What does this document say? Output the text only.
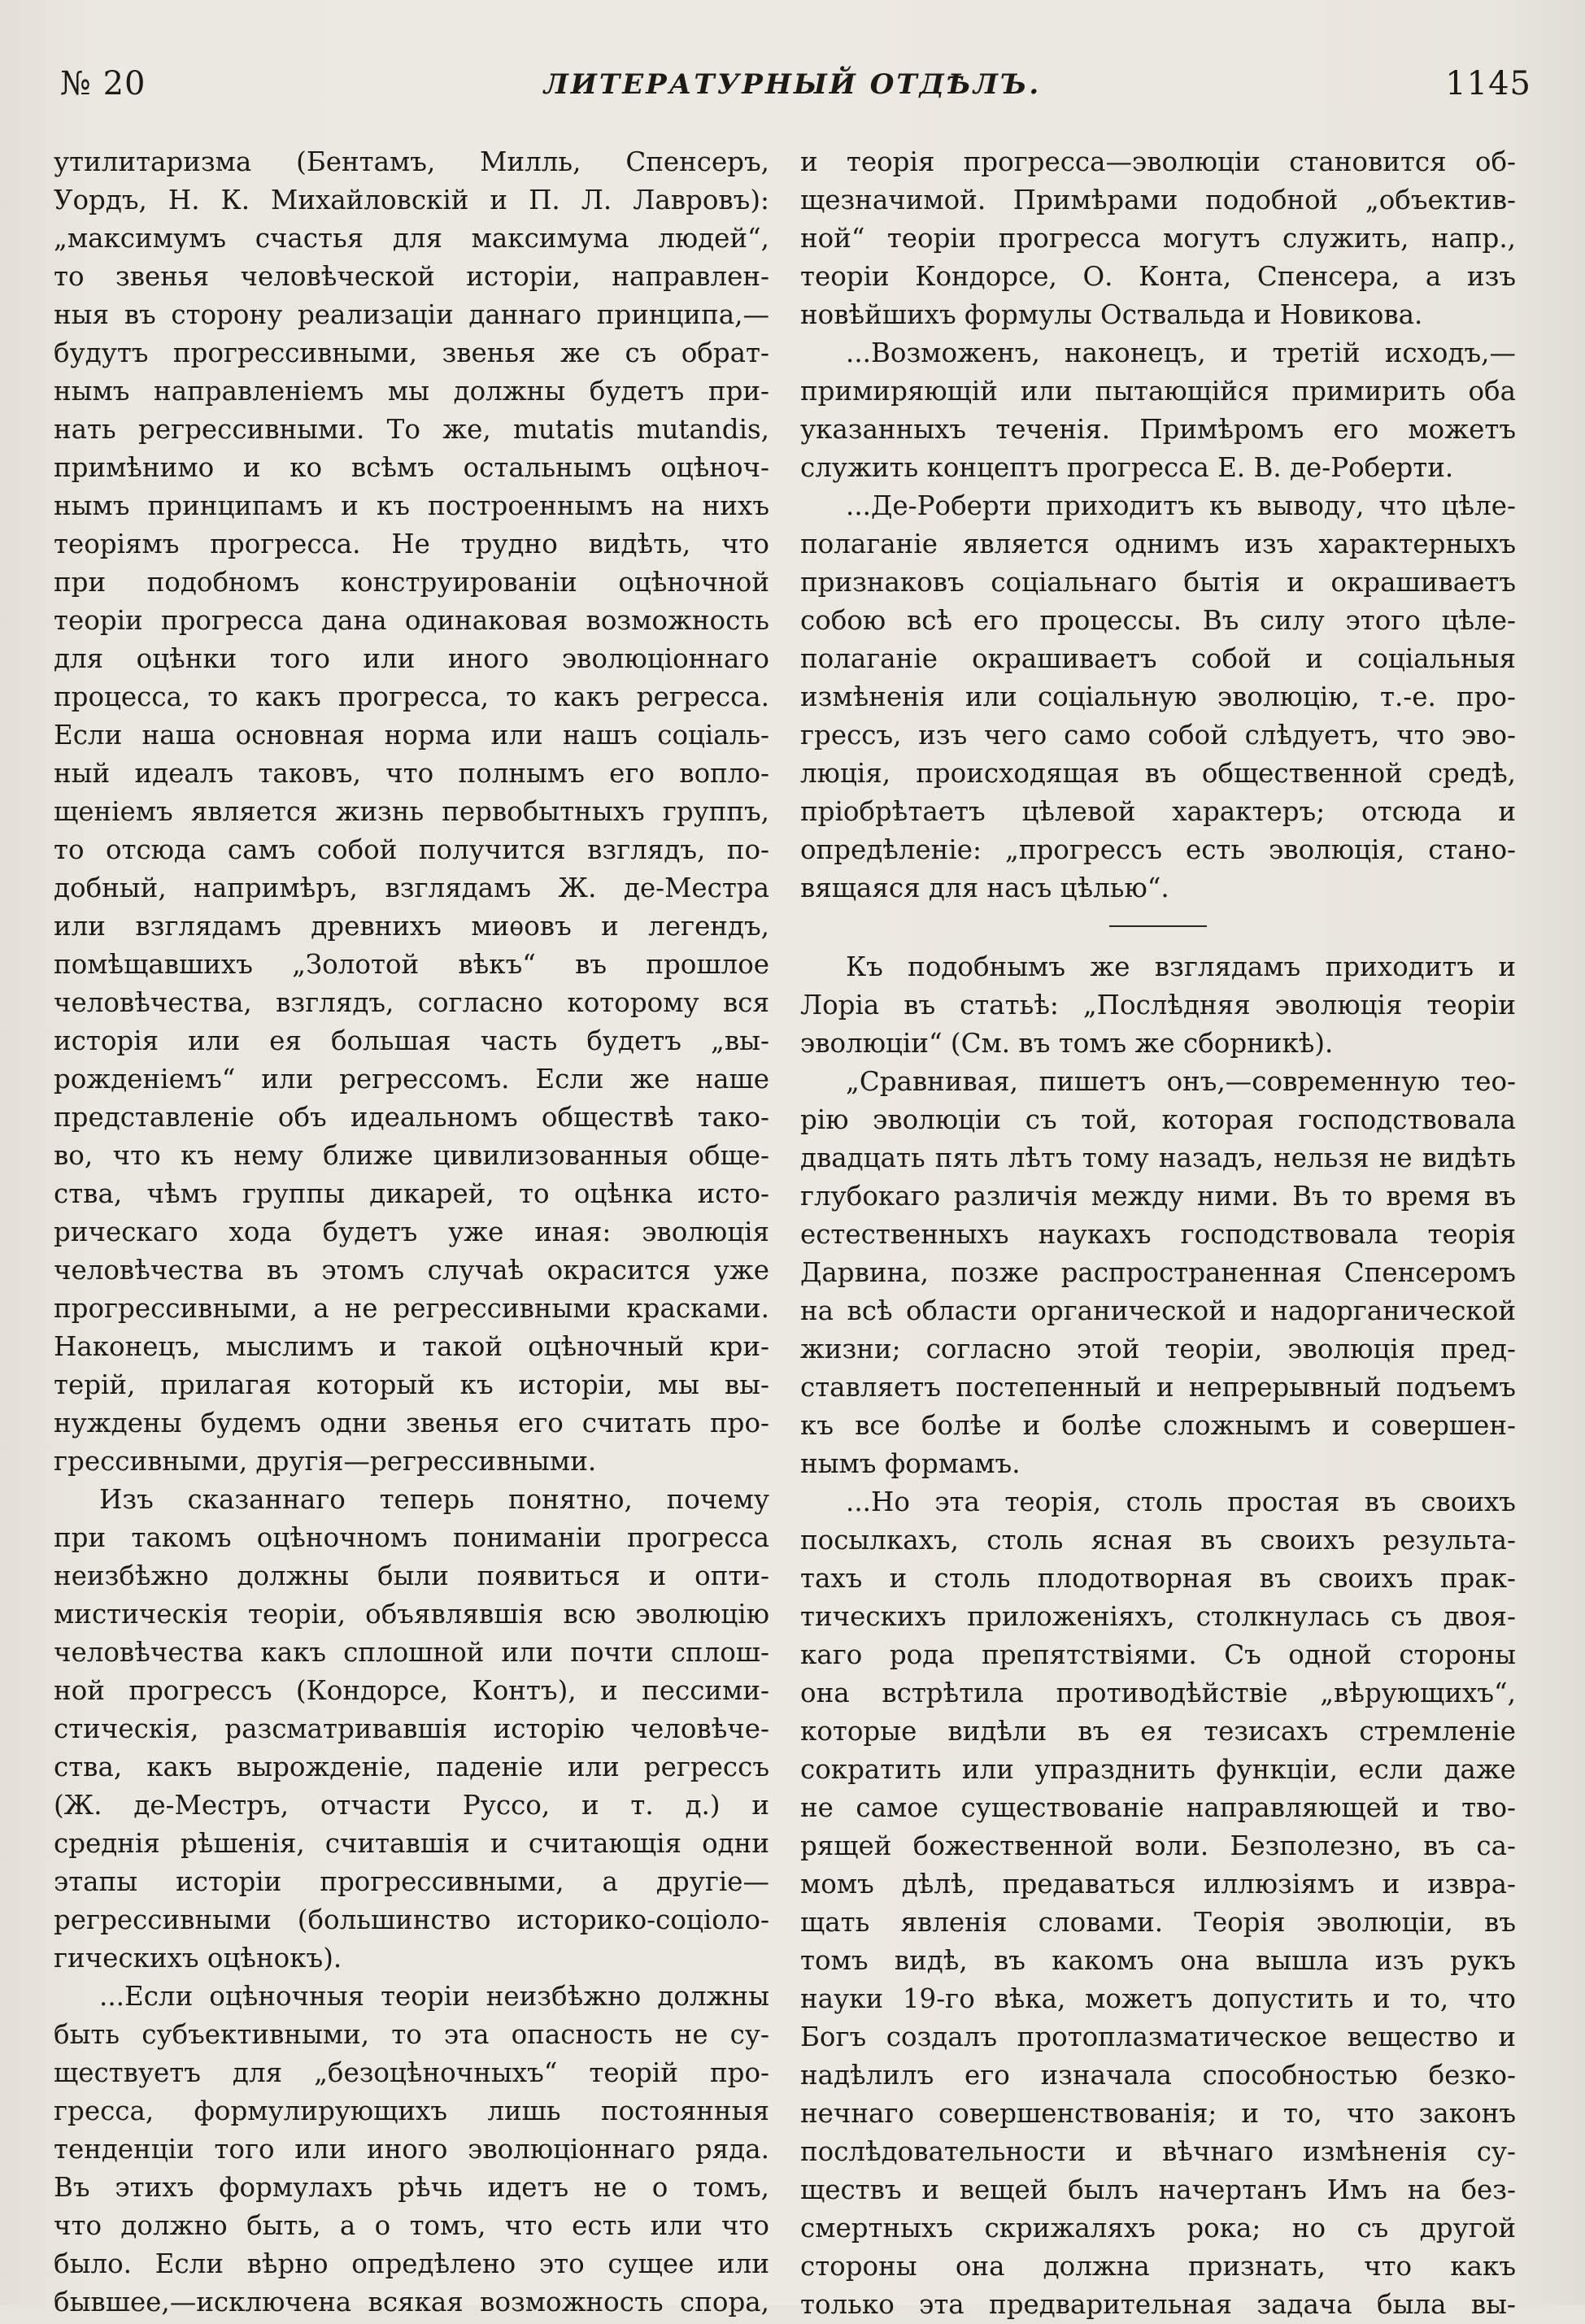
№ 20	ЛИТЕРАТУРНЫЙ ОТДѢЛЪ.	1145
утилитаризма (Бентамъ, Милль, Спенсеръ,
Уордъ, Н. К. Михайловскій и П. Л. Лавровъ):
„максимумъ счастья для максимума людей“,
то звенья человѣческой исторіи, направлен-
ныя въ сторону реализаціи даннаго принципа,—
будутъ прогрессивными, звенья же съ обрат-
нымъ направленіемъ мы должны будетъ при-
нать регрессивными. То же, mutatis mutandis,
примѣнимо и ко всѣмъ остальнымъ оцѣноч-
нымъ принципамъ и къ построеннымъ на нихъ
теоріямъ прогресса. Не трудно видѣть, что
при подобномъ конструированіи оцѣночной
теоріи прогресса дана одинаковая возможность
для оцѣнки того или иного эволюціоннаго
процесса, то какъ прогресса, то какъ регресса.
Если наша основная норма или нашъ соціаль-
ный идеалъ таковъ, что полнымъ его вопло-
щеніемъ является жизнь первобытныхъ группъ,
то отсюда самъ собой получится взглядъ, по-
добный, напримѣръ, взглядамъ Ж. де-Местра
или взглядамъ древнихъ миѳовъ и легендъ,
помѣщавшихъ „Золотой вѣкъ“ въ прошлое
человѣчества, взглядъ, согласно которому вся
исторія или ея большая часть будетъ „вы-
рожденіемъ“ или регрессомъ. Если же наше
представленіе объ идеальномъ обществѣ тако-
во, что къ нему ближе цивилизованныя обще-
ства, чѣмъ группы дикарей, то оцѣнка исто-
рическаго хода будетъ уже иная: эволюція
человѣчества въ этомъ случаѣ окрасится уже
прогрессивными, а не регрессивными красками.
Наконецъ, мыслимъ и такой оцѣночный кри-
терій, прилагая который къ исторіи, мы вы-
нуждены будемъ одни звенья его считать про-
грессивными, другія—регрессивными.
Изъ сказаннаго теперь понятно, почему
при такомъ оцѣночномъ пониманіи прогресса
неизбѣжно должны были появиться и опти-
мистическія теоріи, объявлявшія всю эволюцію
человѣчества какъ сплошной или почти сплош-
ной прогрессъ (Кондорсе, Контъ), и пессими-
стическія, разсматривавшія исторію человѣче-
ства, какъ вырожденіе, паденіе или регрессъ
(Ж. де-Местръ, отчасти Руссо, и т. д.) и
среднія рѣшенія, считавшія и считающія одни
этапы исторіи прогрессивными, а другіе—
регрессивными (большинство историко-соціоло-
гическихъ оцѣнокъ).
...Если оцѣночныя теоріи неизбѣжно должны
быть субъективными, то эта опасность не су-
ществуетъ для „безоцѣночныхъ“ теорій про-
гресса, формулирующихъ лишь постоянныя
тенденціи того или иного эволюціоннаго ряда.
Въ этихъ формулахъ рѣчь идетъ не о томъ,
что должно быть, а о томъ, что есть или что
было. Если вѣрно опредѣлено это сущее или
бывшее,—исключена всякая возможность спора,
и теорія прогресса—эволюціи становится об-
щезначимой. Примѣрами подобной „объектив-
ной“ теоріи прогресса могутъ служить, напр.,
теоріи Кондорсе, О. Конта, Спенсера, а изъ
новѣйшихъ формулы Оствальда и Новикова.
...Возможенъ, наконецъ, и третій исходъ,—
примиряющій или пытающійся примирить оба
указанныхъ теченія. Примѣромъ его можетъ
служить концептъ прогресса Е. В. де-Роберти.
...Де-Роберти приходитъ къ выводу, что цѣле-
полаганіе является однимъ изъ характерныхъ
признаковъ соціальнаго бытія и окрашиваетъ
собою всѣ его процессы. Въ силу этого цѣле-
полаганіе окрашиваетъ собой и соціальныя
измѣненія или соціальную эволюцію, т.-е. про-
грессъ, изъ чего само собой слѣдуетъ, что эво-
люція, происходящая въ общественной средѣ,
пріобрѣтаетъ цѣлевой характеръ; отсюда и
опредѣленіе: „прогрессъ есть эволюція, стано-
вящаяся для насъ цѣлью“.
Къ подобнымъ же взглядамъ приходитъ и
Лоріа въ статьѣ: „Послѣдняя эволюція теоріи
эволюціи“ (См. въ томъ же сборникѣ).
„Сравнивая, пишетъ онъ,—современную тео-
рію эволюціи съ той, которая господствовала
двадцать пять лѣтъ тому назадъ, нельзя не видѣть
глубокаго различія между ними. Въ то время въ
естественныхъ наукахъ господствовала теорія
Дарвина, позже распространенная Спенсеромъ
на всѣ области органической и надорганической
жизни; согласно этой теоріи, эволюція пред-
ставляетъ постепенный и непрерывный подъемъ
къ все болѣе и болѣе сложнымъ и совершен-
нымъ формамъ.
...Но эта теорія, столь простая въ своихъ
посылкахъ, столь ясная въ своихъ результа-
тахъ и столь плодотворная въ своихъ прак-
тическихъ приложеніяхъ, столкнулась съ двоя-
каго рода препятствіями. Съ одной стороны
она встрѣтила противодѣйствіе „вѣрующихъ“,
которые видѣли въ ея тезисахъ стремленіе
сократить или упразднить функціи, если даже
не самое существованіе направляющей и тво-
рящей божественной воли. Безполезно, въ са-
момъ дѣлѣ, предаваться иллюзіямъ и извра-
щать явленія словами. Теорія эволюціи, въ
томъ видѣ, въ какомъ она вышла изъ рукъ
науки 19-го вѣка, можетъ допустить и то, что
Богъ создалъ протоплазматическое вещество и
надѣлилъ его изначала способностью безко-
нечнаго совершенствованія; и то, что законъ
послѣдовательности и вѣчнаго измѣненія су-
ществъ и вещей былъ начертанъ Имъ на без-
смертныхъ скрижаляхъ рока; но съ другой
стороны она должна признать, что какъ
только эта предварительная задача была вы-
